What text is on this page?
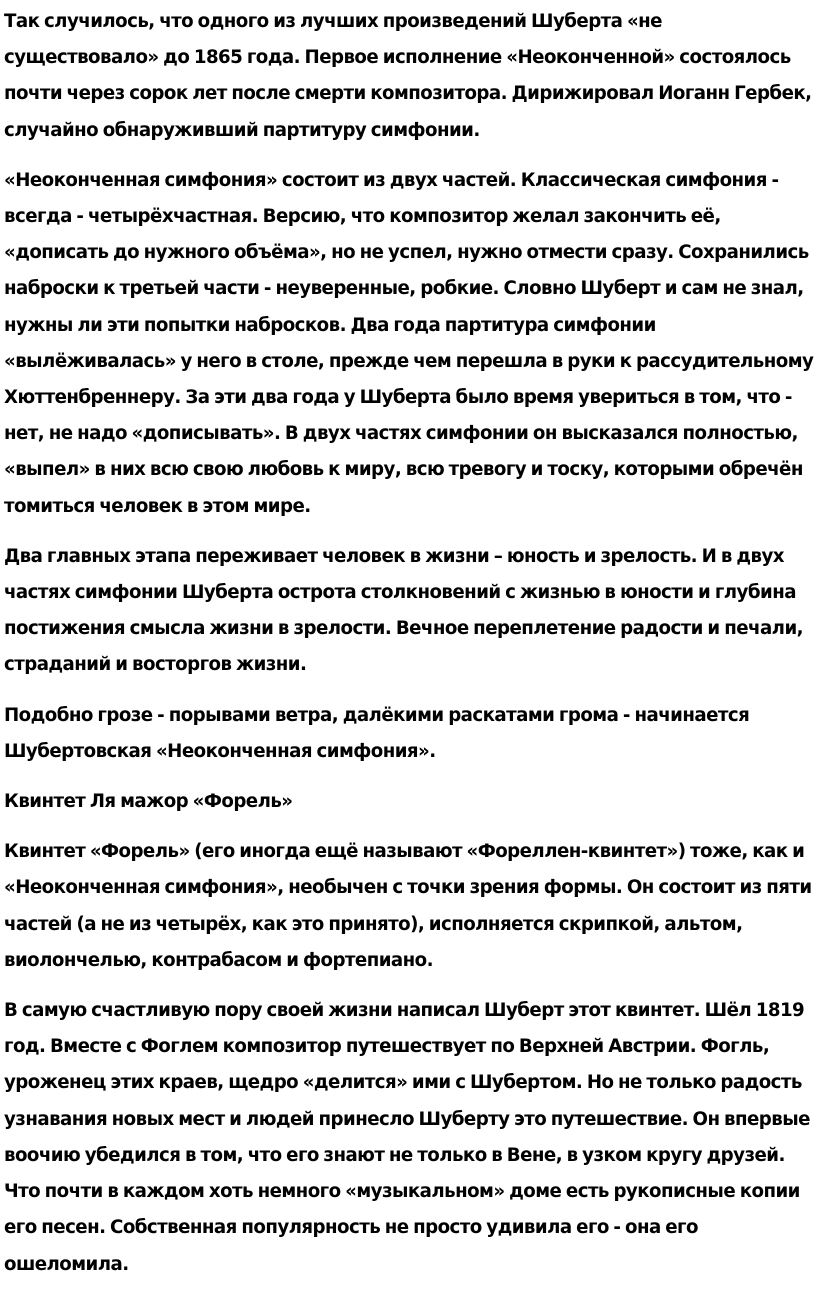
Так случилось, что одного из лучших произведений Шуберта «не существовало» до 1865 года. Первое исполнение «Неоконченной» состоялось почти через сорок лет после смерти композитора. Дирижировал Иоганн Гербек, случайно обнаруживший партитуру симфонии.

«Неоконченная симфония» состоит из двух частей. Классическая симфония - всегда - четырёхчастная. Версию, что композитор желал закончить её, «дописать до нужного объёма», но не успел, нужно отмести сразу. Сохранились наброски к третьей части - неуверенные, робкие. Словно Шуберт и сам не знал, нужны ли эти попытки набросков. Два года партитура симфонии «вылёживалась» у него в столе, прежде чем перешла в руки к рассудительному Хюттенбреннеру. За эти два года у Шуберта было время увериться в том, что - нет, не надо «дописывать». В двух частях симфонии он высказался полностью, «выпел» в них всю свою любовь к миру, всю тревогу и тоску, которыми обречён томиться человек в этом мире.

Два главных этапа переживает человек в жизни – юность и зрелость. И в двух частях симфонии Шуберта острота столкновений с жизнью в юности и глубина постижения смысла жизни в зрелости. Вечное переплетение радости и печали, страданий и восторгов жизни.

Подобно грозе - порывами ветра, далёкими раскатами грома - начинается Шубертовская «Неоконченная симфония».

Квинтет Ля мажор «Форель»

Квинтет «Форель» (его иногда ещё называют «Фореллен-квинтет») тоже, как и «Неоконченная симфония», необычен с точки зрения формы. Он состоит из пяти частей (а не из четырёх, как это принято), исполняется скрипкой, альтом, виолончелью, контрабасом и фортепиано.

В самую счастливую пору своей жизни написал Шуберт этот квинтет. Шёл 1819 год. Вместе с Фоглем композитор путешествует по Верхней Австрии. Фогль, уроженец этих краев, щедро «делится» ими с Шубертом. Но не только радость узнавания новых мест и людей принесло Шуберту это путешествие. Он впервые воочию убедился в том, что его знают не только в Вене, в узком кругу друзей. Что почти в каждом хоть немного «музыкальном» доме есть рукописные копии его песен. Собственная популярность не просто удивила его - она его ошеломила.
